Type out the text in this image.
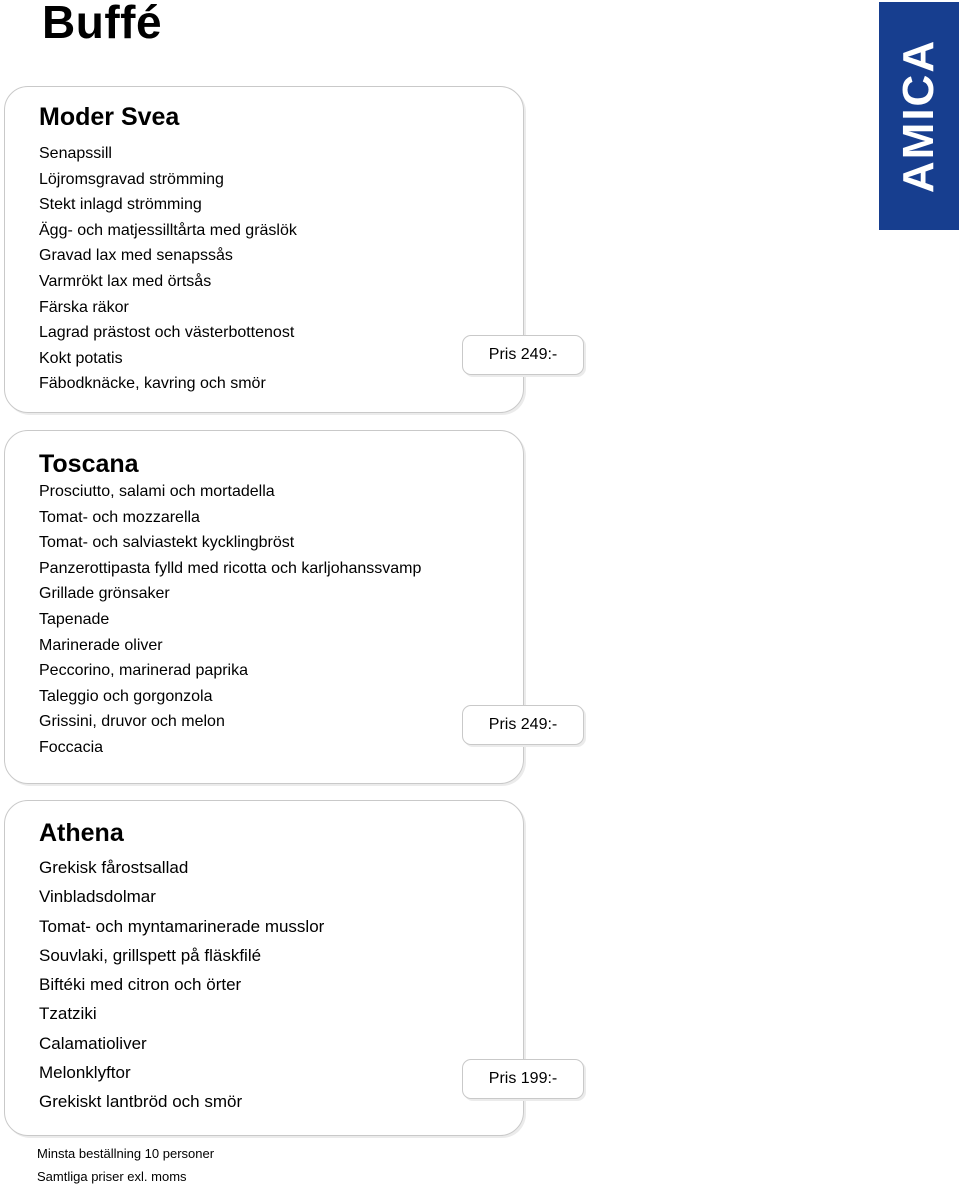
Buffé
AMICA
Moder Svea
Senapssill
Löjromsgravad strömming
Stekt inlagd strömming
Ägg- och matjessilltårta med gräslök
Gravad lax med senapssås
Varmrökt lax med örtsås
Färska räkor
Lagrad prästost och västerbottenost
Kokt potatis
Fäbodknäcke, kavring och smör
Pris 249:-
Toscana
Prosciutto, salami och mortadella
Tomat- och mozzarella
Tomat- och salviastekt kycklingbröst
Panzerottipasta fylld med ricotta och karljohanssvamp
Grillade grönsaker
Tapenade
Marinerade oliver
Peccorino, marinerad paprika
Taleggio och gorgonzola
Grissini, druvor och melon
Foccacia
Pris 249:-
Athena
Grekisk fårostsallad
Vinbladsdolmar
Tomat- och myntamarinerade musslor
Souvlaki, grillspett på fläskfilé
Biftéki med citron och örter
Tzatziki
Calamatioliver
Melonklyftor
Grekiskt lantbröd och smör
Pris 199:-
Minsta beställning 10 personer
Samtliga priser exl. moms
